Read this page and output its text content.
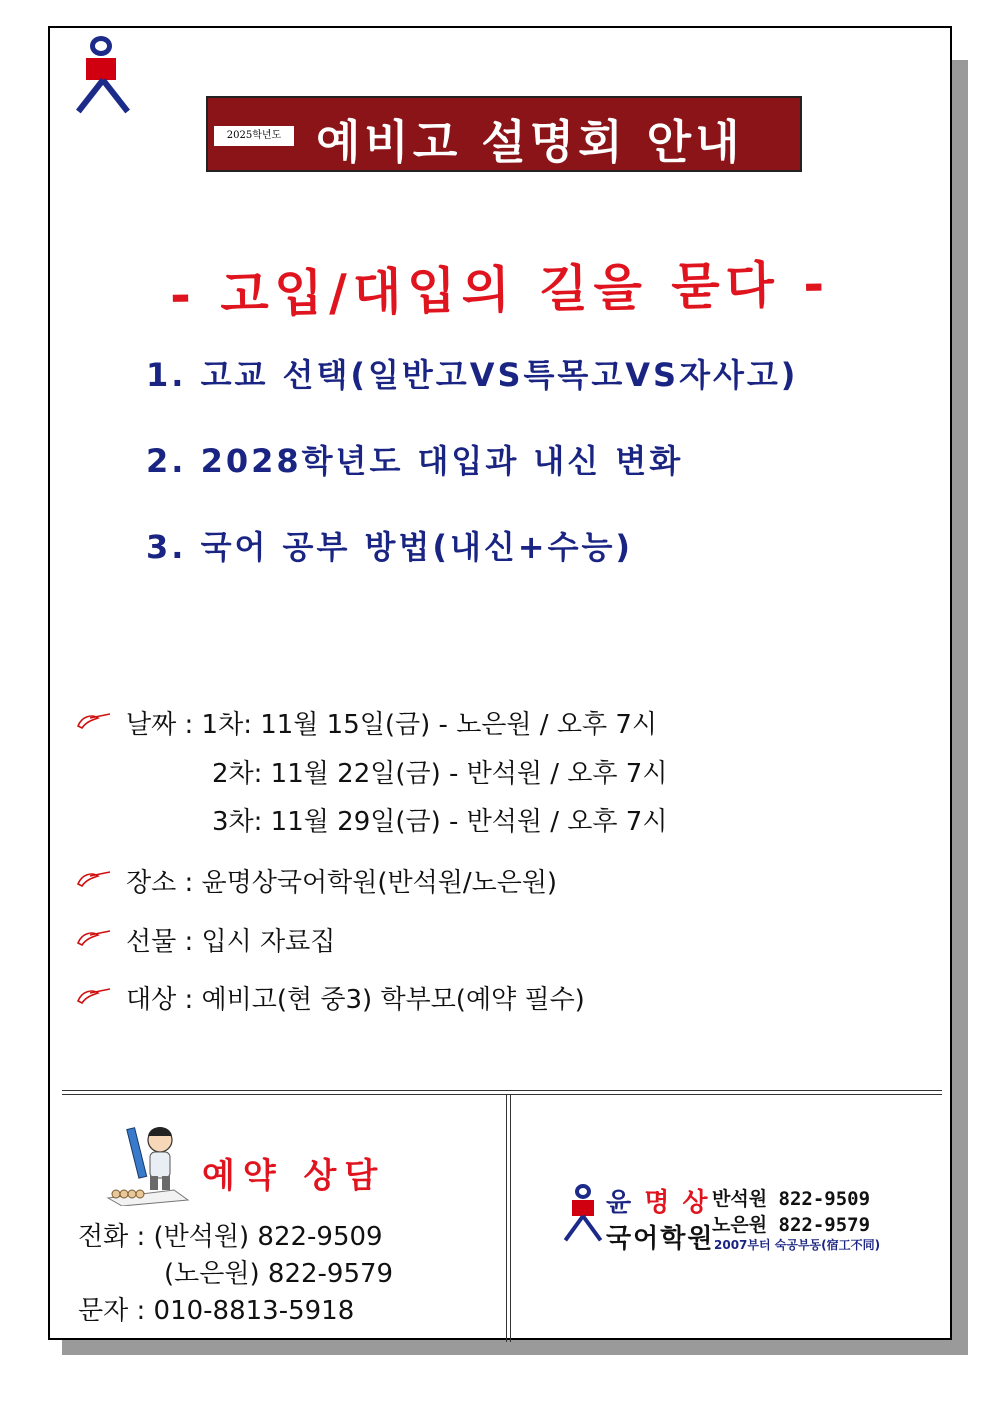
2025학년도 예비고 설명회 안내
- 고입/대입의 길을 묻다 -
1. 고교 선택(일반고VS특목고VS자사고)
2. 2028학년도 대입과 내신 변화
3. 국어 공부 방법(내신+수능)
날짜 : 1차: 11월 15일(금) - 노은원 / 오후 7시
2차: 11월 22일(금) - 반석원 / 오후 7시
3차: 11월 29일(금) - 반석원 / 오후 7시
장소 : 윤명상국어학원(반석원/노은원)
선물 : 입시 자료집
대상 : 예비고(현 중3) 학부모(예약 필수)
예약 상담
전화 : (반석원) 822-9509
(노은원) 822-9579
문자 : 010-8813-5918
윤 명 상
국어학원
반석원 822-9509
노은원 822-9579
2007부터 숙공부동(宿工不同)
